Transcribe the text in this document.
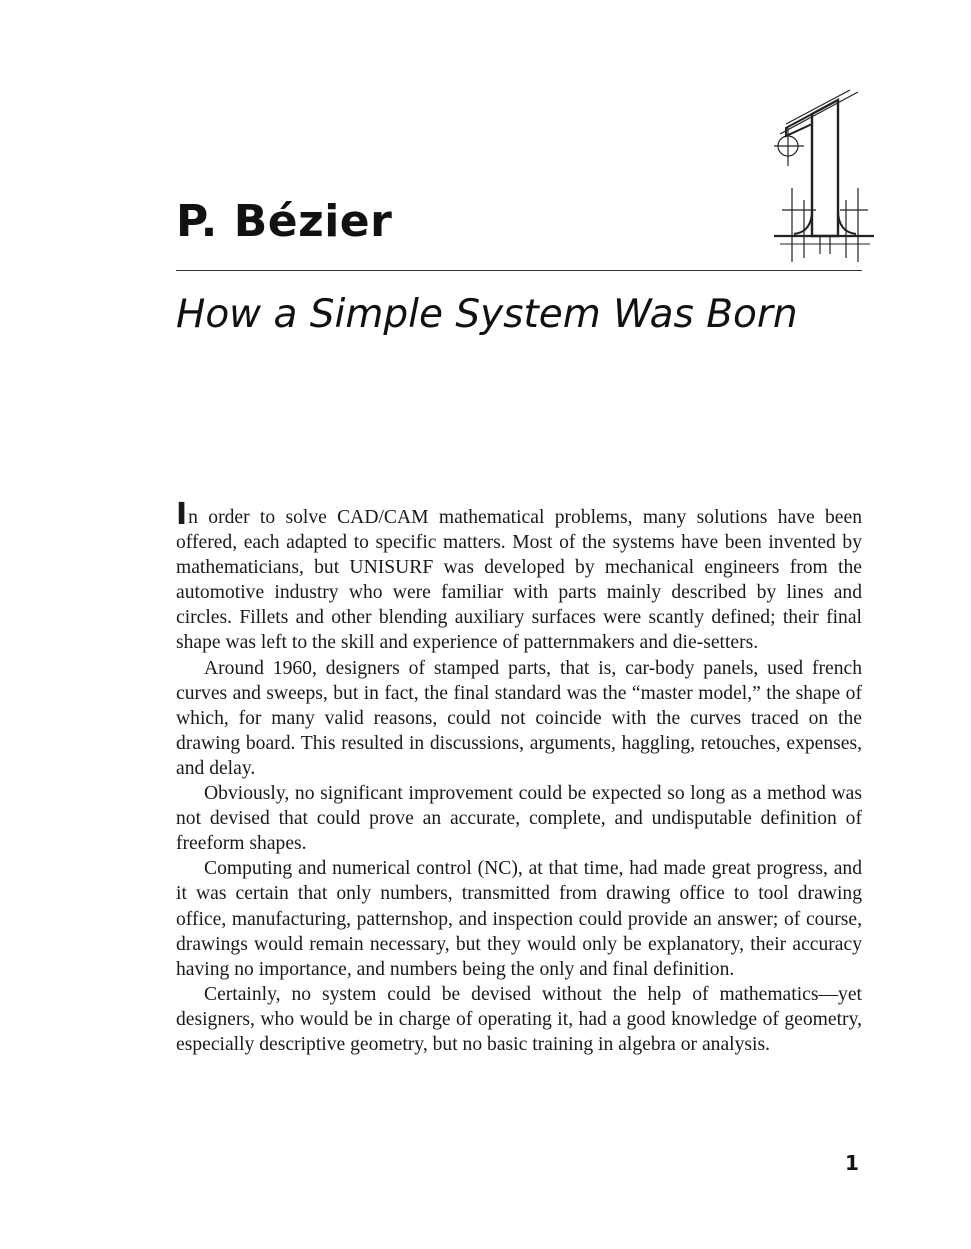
P. Bézier
How a Simple System Was Born

In order to solve CAD/CAM mathematical problems, many solutions have been offered, each adapted to specific matters. Most of the systems have been invented by mathematicians, but UNISURF was developed by mechanical engineers from the automotive industry who were familiar with parts mainly described by lines and circles. Fillets and other blending auxiliary surfaces were scantly defined; their final shape was left to the skill and experience of patternmakers and die-setters.

Around 1960, designers of stamped parts, that is, car-body panels, used french curves and sweeps, but in fact, the final standard was the “master model,” the shape of which, for many valid reasons, could not coincide with the curves traced on the drawing board. This resulted in discussions, arguments, haggling, retouches, expenses, and delay.

Obviously, no significant improvement could be expected so long as a method was not devised that could prove an accurate, complete, and undisputable definition of freeform shapes.

Computing and numerical control (NC), at that time, had made great progress, and it was certain that only numbers, transmitted from drawing office to tool drawing office, manufacturing, patternshop, and inspection could provide an answer; of course, drawings would remain necessary, but they would only be explanatory, their accuracy having no importance, and numbers being the only and final definition.

Certainly, no system could be devised without the help of mathematics—yet designers, who would be in charge of operating it, had a good knowledge of geometry, especially descriptive geometry, but no basic training in algebra or analysis.

1
